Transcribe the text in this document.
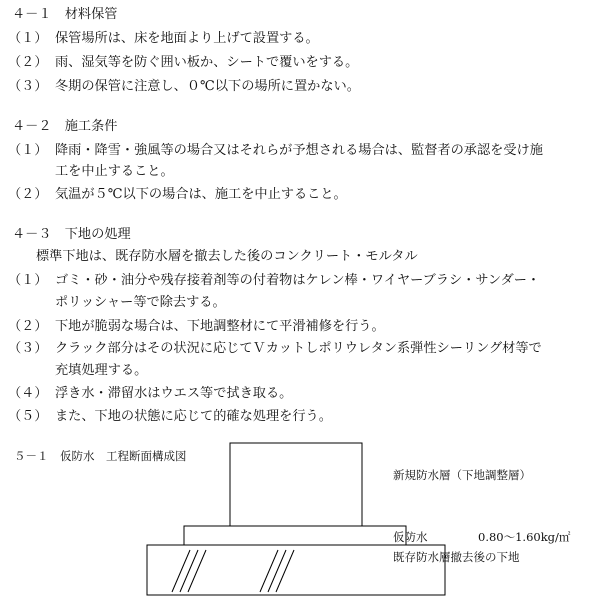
４－１　材料保管
（１） 保管場所は、床を地面より上げて設置する。
（２） 雨、湿気等を防ぐ囲い板か、シートで覆いをする。
（３） 冬期の保管に注意し、０℃以下の場所に置かない。
４－２　施工条件
（１） 降雨・降雪・強風等の場合又はそれらが予想される場合は、監督者の承認を受け施
工を中止すること。
（２） 気温が５℃以下の場合は、施工を中止すること。
４－３　下地の処理
標準下地は、既存防水層を撤去した後のコンクリート・モルタル
（１） ゴミ・砂・油分や残存接着剤等の付着物はケレン棒・ワイヤーブラシ・サンダー・
ポリッシャー等で除去する。
（２） 下地が脆弱な場合は、下地調整材にて平滑補修を行う。
（３） クラック部分はその状況に応じてＶカットしポリウレタン系弾性シーリング材等で
充填処理する。
（４） 浮き水・滞留水はウエス等で拭き取る。
（５） また、下地の状態に応じて的確な処理を行う。
５－１　仮防水　工程断面構成図
新規防水層（下地調整層）
仮防水	0.80～1.60kg/㎡
既存防水層撤去後の下地
